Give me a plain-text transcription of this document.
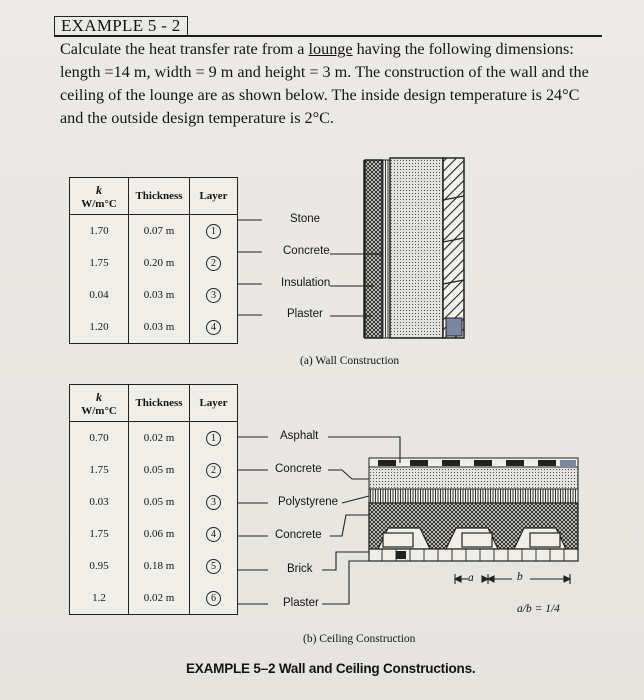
EXAMPLE 5 - 2
Calculate the heat transfer rate from a lounge having the following dimensions: length =14 m, width = 9 m and height = 3 m. The construction of the wall and the ceiling of the lounge are as shown below. The inside design temperature is 24°C and the outside design temperature is 2°C.
k
W/m°C	Thickness	Layer
1.70	0.07 m	1
1.75	0.20 m	2
0.04	0.03 m	3
1.20	0.03 m	4
k
W/m°C	Thickness	Layer
0.70	0.02 m	1
1.75	0.05 m	2
0.03	0.05 m	3
1.75	0.06 m	4
0.95	0.18 m	5
1.2	0.02 m	6
Stone
Concrete
Insulation
Plaster
(a) Wall Construction
Asphalt
Concrete
Polystyrene
Concrete
Brick
Plaster
a	b
a/b = 1/4
(b) Ceiling Construction
EXAMPLE 5–2 Wall and Ceiling Constructions.
